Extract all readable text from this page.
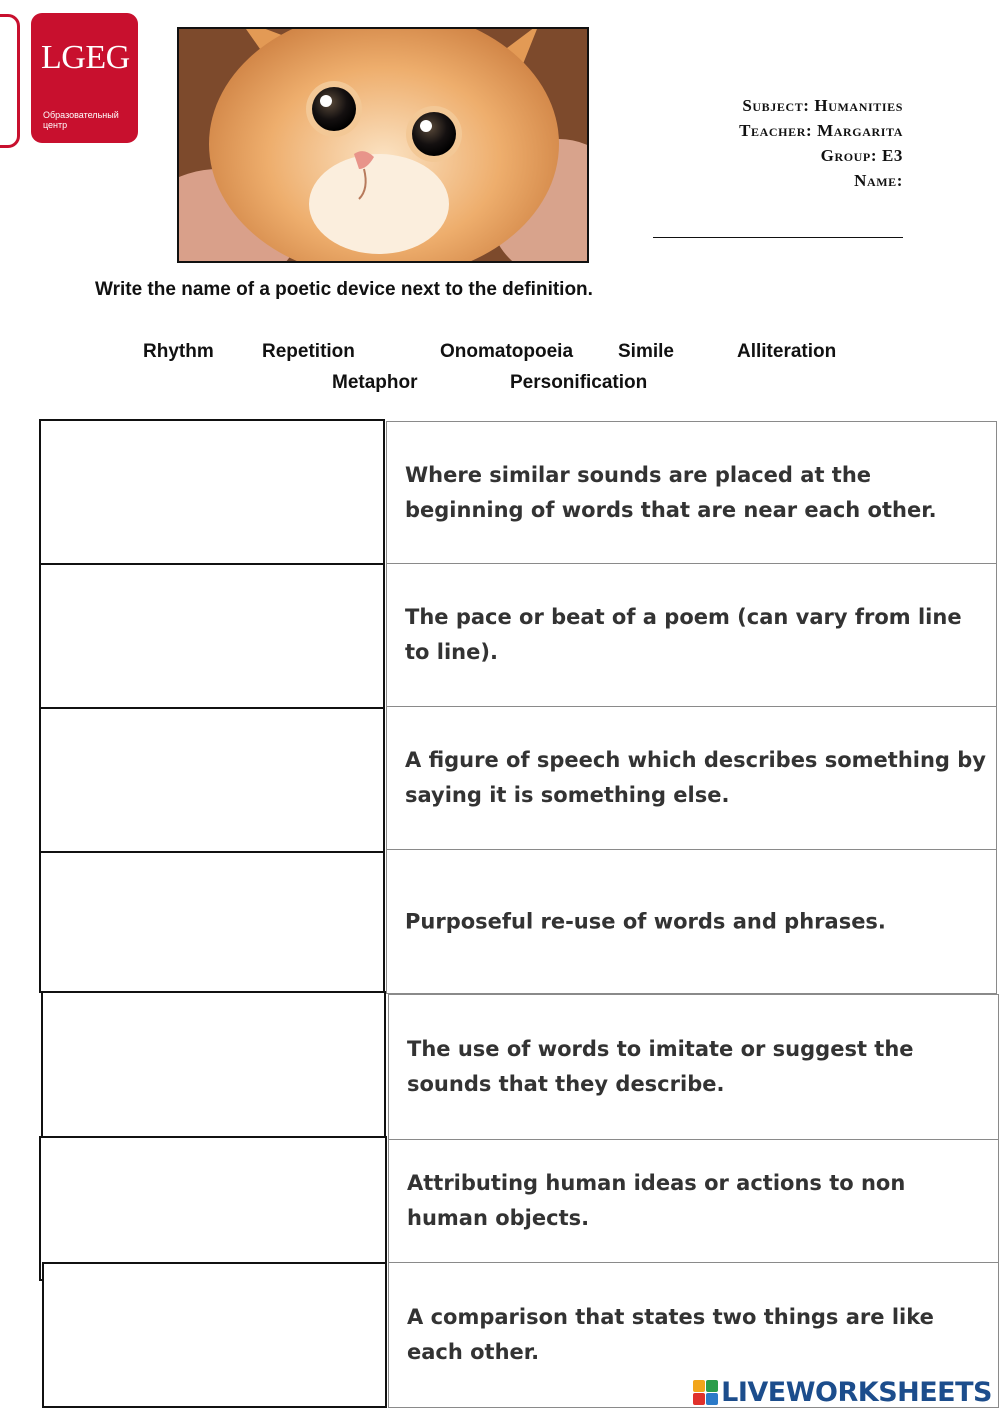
LGEG
Образовательный центр
Subject: Humanities
Teacher: Margarita
Group: E3
Name:
Write the name of a poetic device next to the definition.
Rhythm	Repetition	Onomatopoeia Simile	Alliteration
Metaphor	Personification
Where similar sounds are placed at the beginning of words that are near each other.
The pace or beat of a poem (can vary from line to line).
A figure of speech which describes something by saying it is something else.
Purposeful re-use of words and phrases.
The use of words to imitate or suggest the sounds that they describe.
Attributing human ideas or actions to non human objects.
A comparison that states two things are like each other.
LIVEWORKSHEETS
